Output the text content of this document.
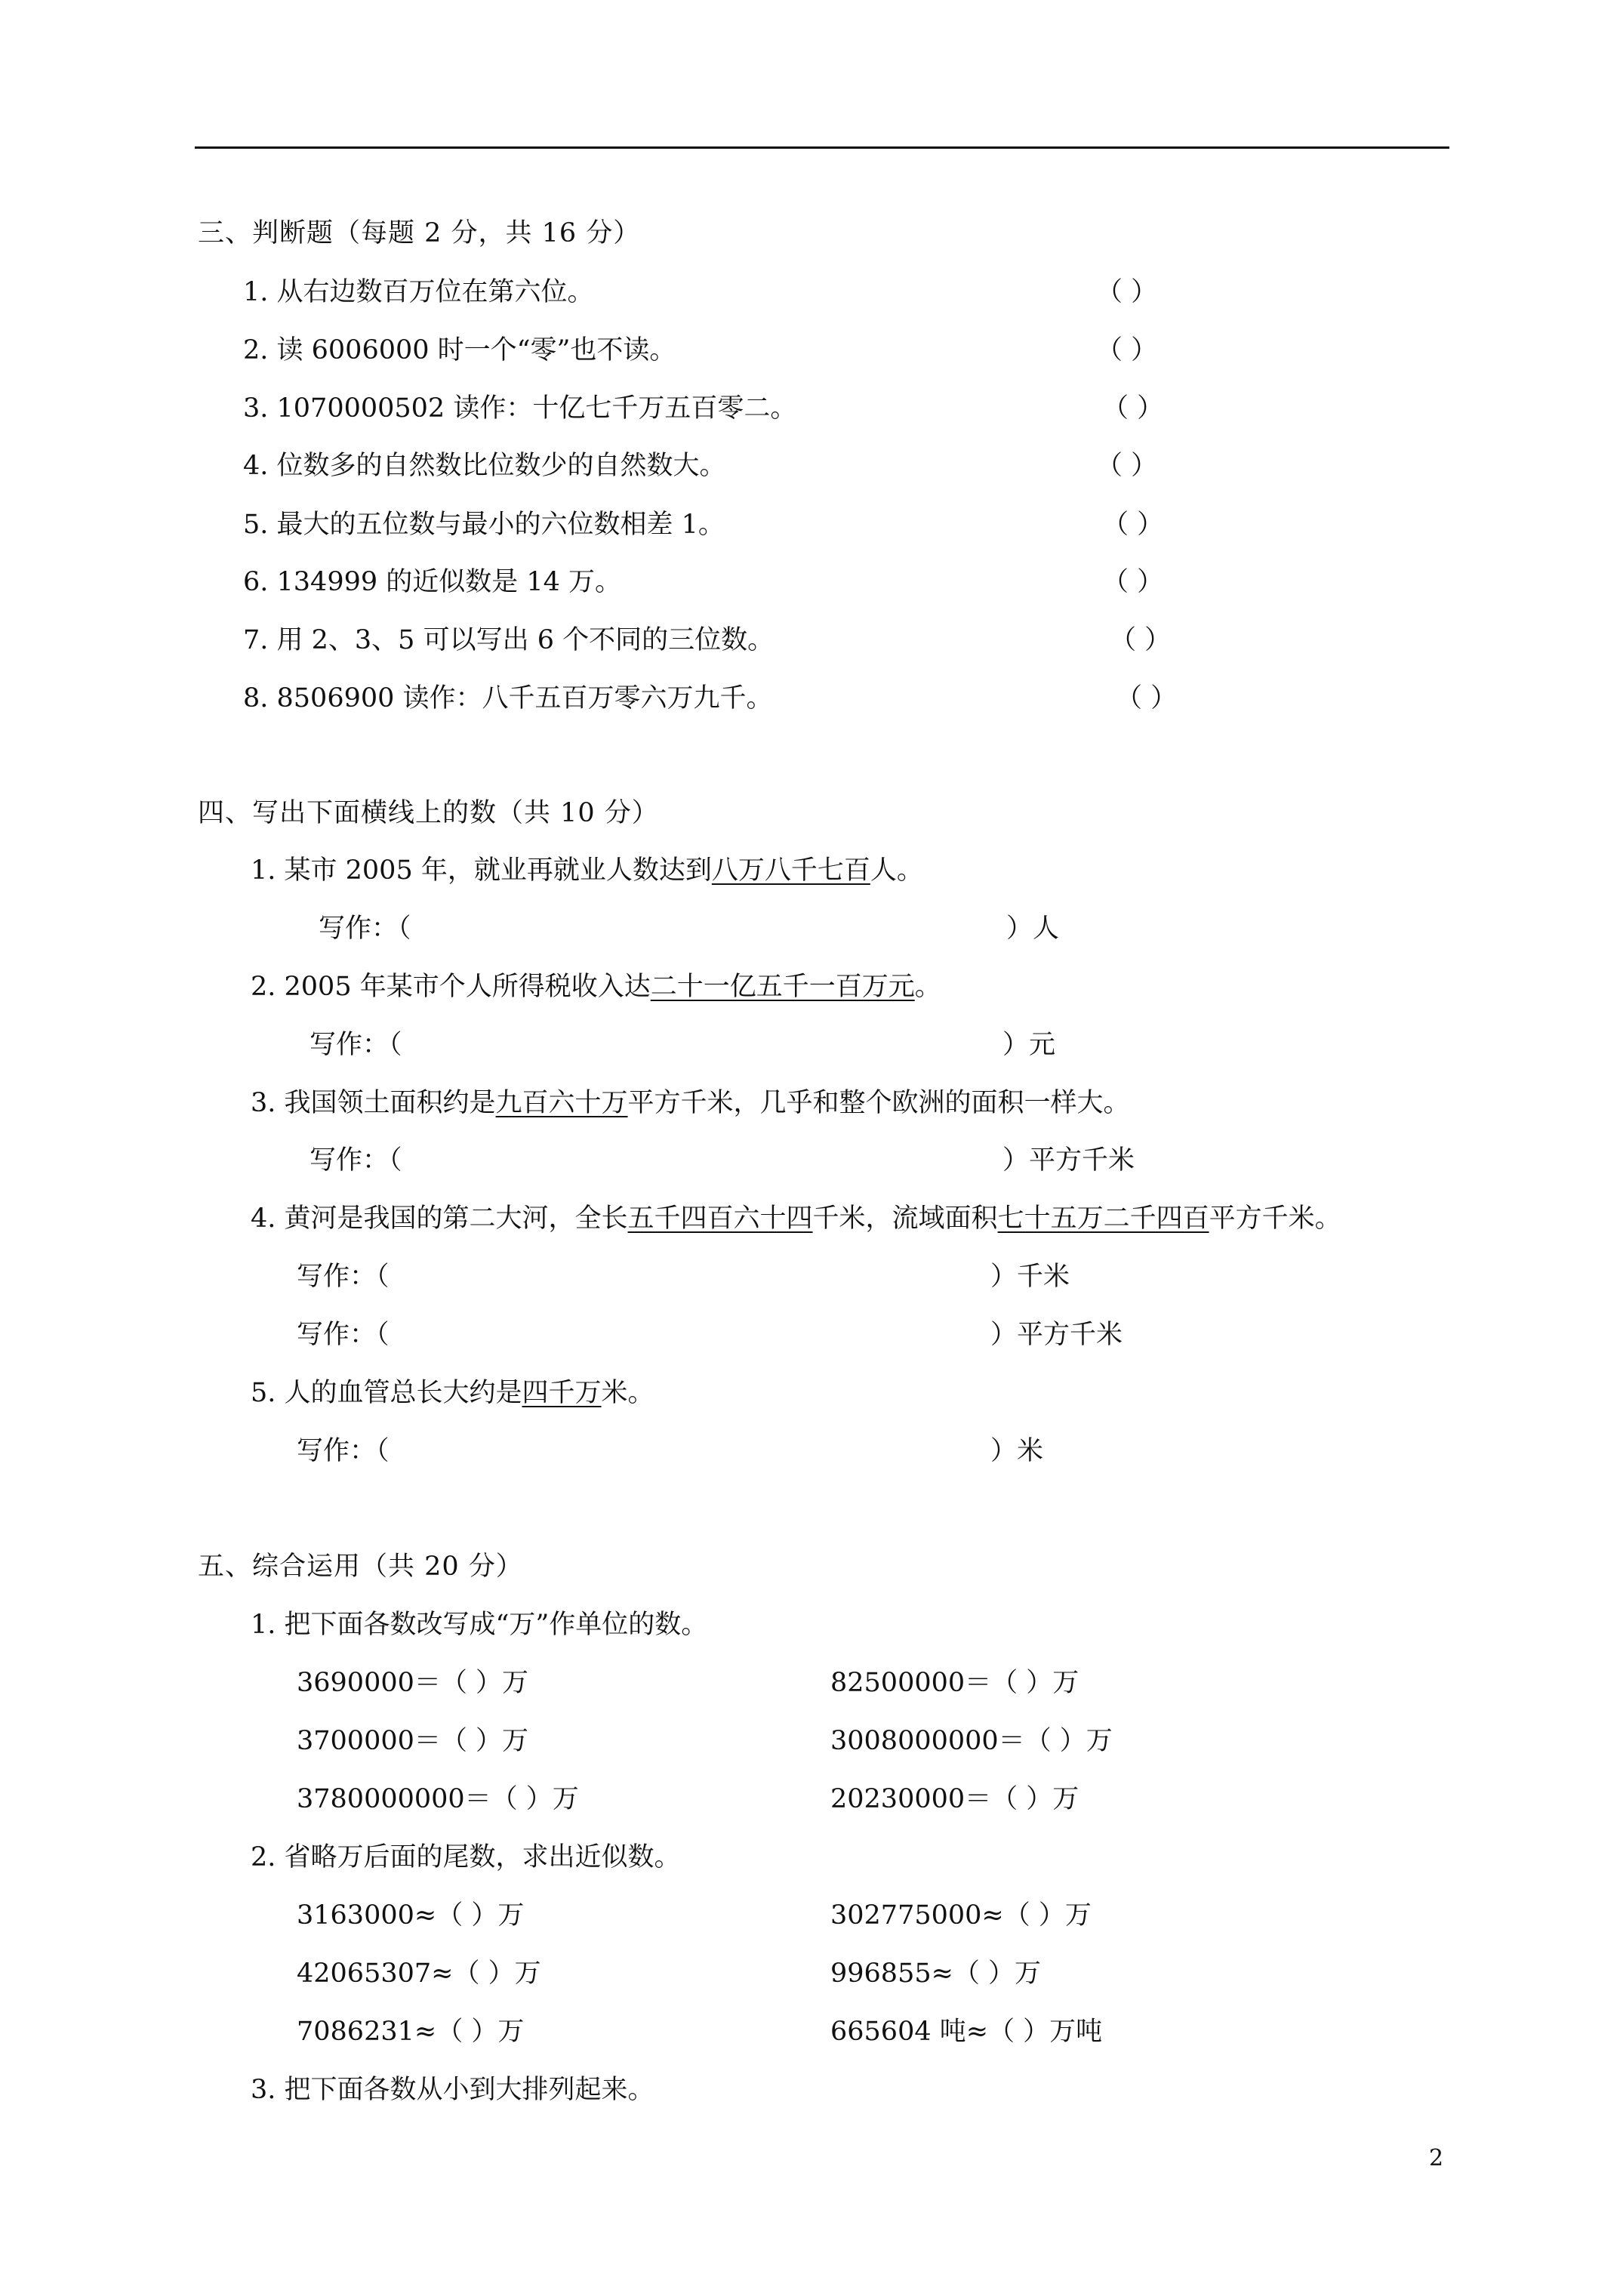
三、判断题（每题 2 分，共 16 分）
1. 从右边数百万位在第六位。	（ ）
2. 读 6006000 时一个“零”也不读。	（ ）
3. 1070000502 读作：十亿七千万五百零二。	（ ）
4. 位数多的自然数比位数少的自然数大。	（ ）
5. 最大的五位数与最小的六位数相差 1。	（ ）
6. 134999 的近似数是 14 万。	（ ）
7. 用 2、3、5 可以写出 6 个不同的三位数。	（ ）
8. 8506900 读作：八千五百万零六万九千。	（ ）
四、写出下面横线上的数（共 10 分）
1. 某市 2005 年，就业再就业人数达到八万八千七百人。
写作：（	）人
2. 2005 年某市个人所得税收入达二十一亿五千一百万元。
写作：（	）元
3. 我国领土面积约是九百六十万平方千米，几乎和整个欧洲的面积一样大。
写作：（	）平方千米
4. 黄河是我国的第二大河，全长五千四百六十四千米，流域面积七十五万二千四百平方千米。
写作：（	）千米
写作：（	）平方千米
5. 人的血管总长大约是四千万米。
写作：（	）米
五、综合运用（共 20 分）
1. 把下面各数改写成“万”作单位的数。
3690000＝（ ）万	82500000＝（ ）万
3700000＝（ ）万	3008000000＝（ ）万
3780000000＝（ ）万	20230000＝（ ）万
2. 省略万后面的尾数，求出近似数。
3163000≈（ ）万	302775000≈（ ）万
42065307≈（ ）万	996855≈（ ）万
7086231≈（ ）万	665604 吨≈（ ）万吨
3. 把下面各数从小到大排列起来。
2
